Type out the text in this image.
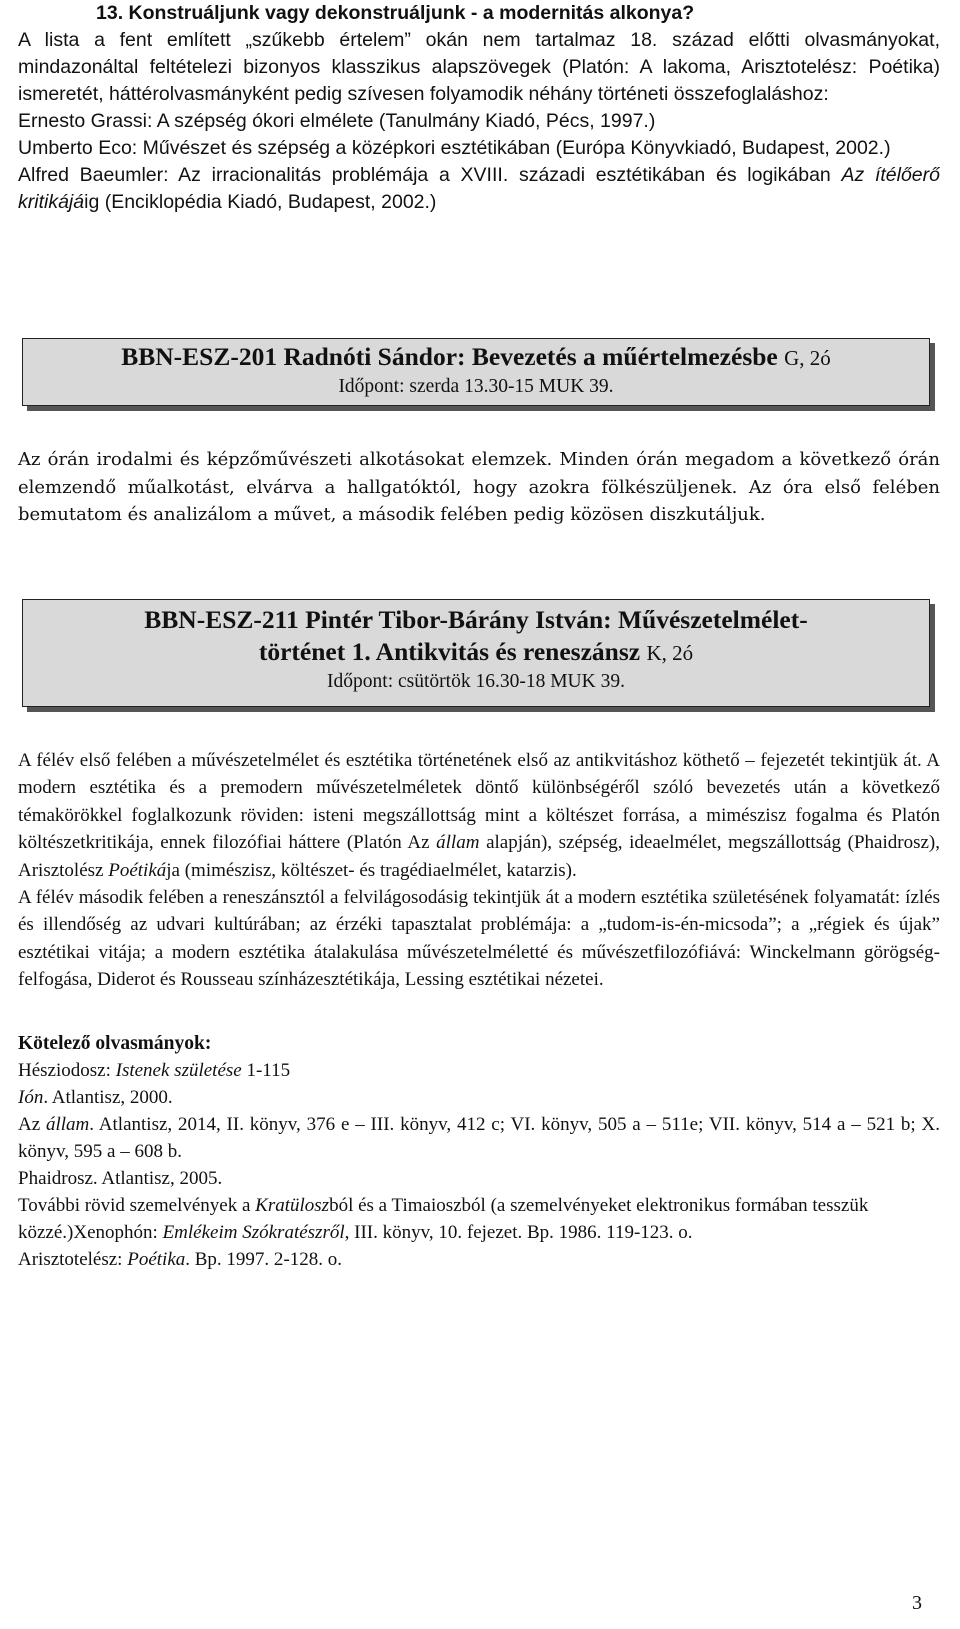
13. Konstruáljunk vagy dekonstruáljunk - a modernitás alkonya?

A lista a fent említett „szűkebb értelem” okán nem tartalmaz 18. század előtti olvasmányokat, mindazonáltal feltételezi bizonyos klasszikus alapszövegek (Platón: A lakoma, Arisztotelész: Poétika) ismeretét, háttérolvasmányként pedig szívesen folyamodik néhány történeti összefoglaláshoz:

Ernesto Grassi: A szépség ókori elmélete (Tanulmány Kiadó, Pécs, 1997.)

Umberto Eco: Művészet és szépség a középkori esztétikában (Európa Könyvkiadó, Budapest, 2002.)

Alfred Baeumler: Az irracionalitás problémája a XVIII. századi esztétikában és logikában Az ítélőerő kritikájáig (Enciklopédia Kiadó, Budapest, 2002.)

BBN-ESZ-201 Radnóti Sándor: Bevezetés a műértelmezésbe G, 2ó
Időpont: szerda 13.30-15 MUK 39.

Az órán irodalmi és képzőművészeti alkotásokat elemzek. Minden órán megadom a következő órán elemzendő műalkotást, elvárva a hallgatóktól, hogy azokra fölkészüljenek. Az óra első felében bemutatom és analizálom a művet, a második felében pedig közösen diszkutáljuk.

BBN-ESZ-211 Pintér Tibor-Bárány István: Művészetelmélet-
történet 1. Antikvitás és reneszánsz K, 2ó
Időpont: csütörtök 16.30-18 MUK 39.

A félév első felében a művészetelmélet és esztétika történetének első az antikvitáshoz köthető – fejezetét tekintjük át. A modern esztétika és a premodern művészetelméletek döntő különbségéről szóló bevezetés után a következő témakörökkel foglalkozunk röviden: isteni megszállottság mint a költészet forrása, a mimészisz fogalma és Platón költészetkritikája, ennek filozófiai háttere (Platón Az állam alapján), szépség, ideaelmélet, megszállottság (Phaidrosz), Arisztolész Poétikája (mimészisz, költészet- és tragédiaelmélet, katarzis).

A félév második felében a reneszánsztól a felvilágosodásig tekintjük át a modern esztétika születésének folyamatát: ízlés és illendőség az udvari kultúrában; az érzéki tapasztalat problémája: a „tudom-is-én-micsoda”; a „régiek és újak” esztétikai vitája; a modern esztétika átalakulása művészetelméletté és művészetfilozófiává: Winckelmann görögség-felfogása, Diderot és Rousseau színházesztétikája, Lessing esztétikai nézetei.

Kötelező olvasmányok:

Hésziodosz: Istenek születése 1-115

Ión. Atlantisz, 2000.

Az állam. Atlantisz, 2014, II. könyv, 376 e – III. könyv, 412 c; VI. könyv, 505 a – 511e; VII. könyv, 514 a – 521 b; X. könyv, 595 a – 608 b.

Phaidrosz. Atlantisz, 2005.

További rövid szemelvények a Kratüloszból és a Timaioszból (a szemelvényeket elektronikus formában tesszük közzé.)Xenophón: Emlékeim Szókratészről, III. könyv, 10. fejezet. Bp. 1986. 119-123. o.

Arisztotelész: Poétika. Bp. 1997. 2-128. o.

3
